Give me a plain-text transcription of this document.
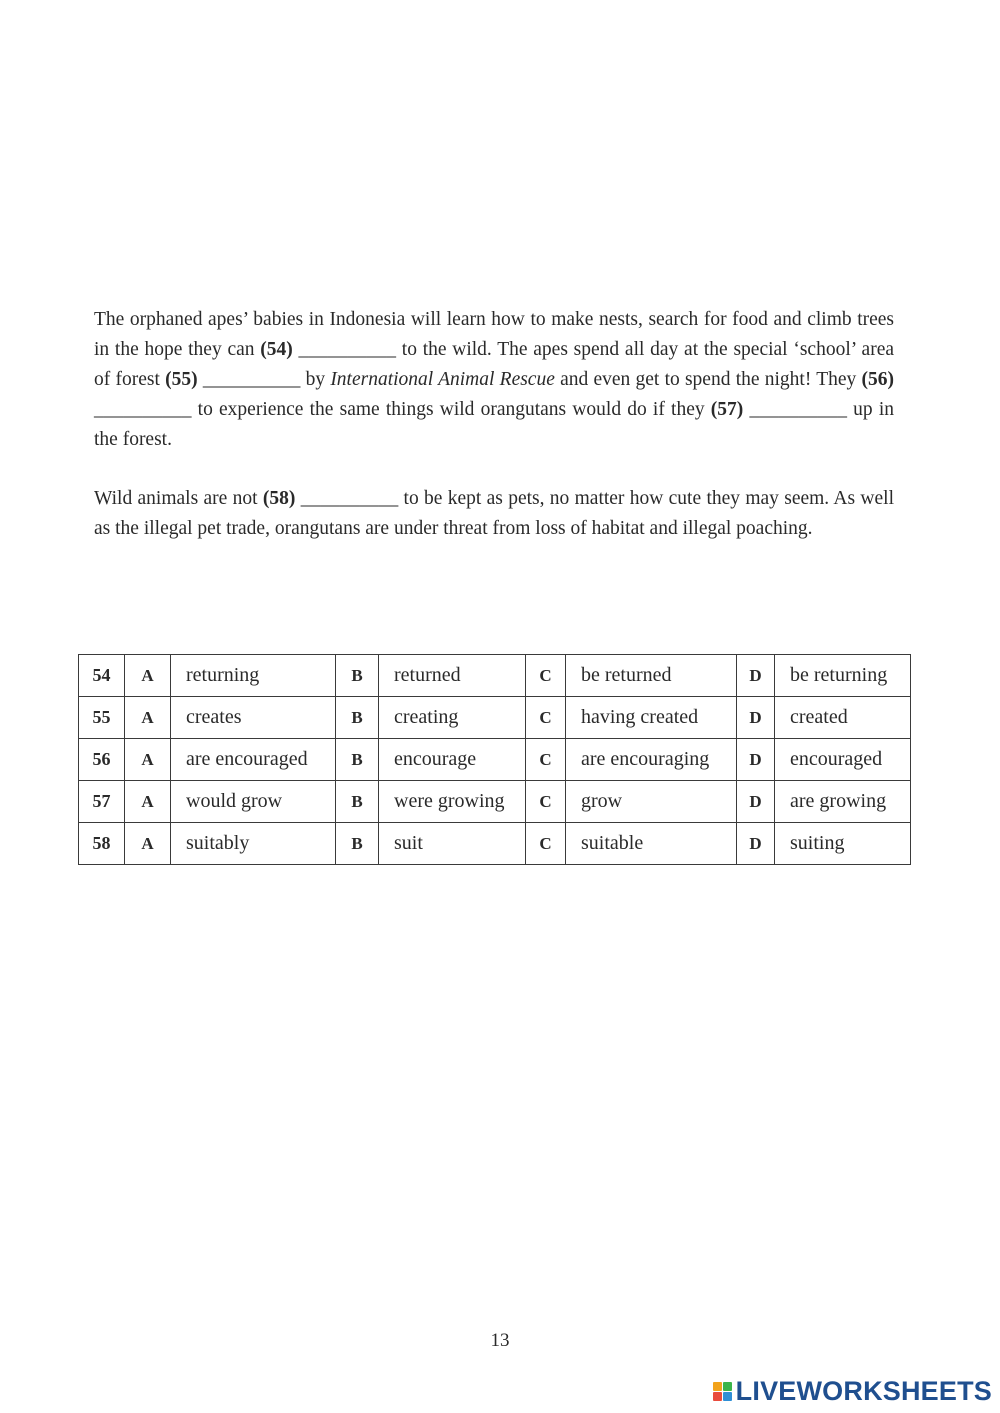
The orphaned apes’ babies in Indonesia will learn how to make nests, search for food and climb trees in the hope they can (54) __________ to the wild. The apes spend all day at the special ‘school’ area of forest (55) __________ by International Animal Rescue and even get to spend the night! They (56) __________ to experience the same things wild orangutans would do if they (57) __________ up in the forest.
Wild animals are not (58) __________ to be kept as pets, no matter how cute they may seem. As well as the illegal pet trade, orangutans are under threat from loss of habitat and illegal poaching.
54	A	returning	B	returned	C	be returned	D	be returning
55	A	creates	B	creating	C	having created	D	created
56	A	are encouraged	B	encourage	C	are encouraging	D	encouraged
57	A	would grow	B	were growing	C	grow	D	are growing
58	A	suitably	B	suit	C	suitable	D	suiting
13
LIVEWORKSHEETS
